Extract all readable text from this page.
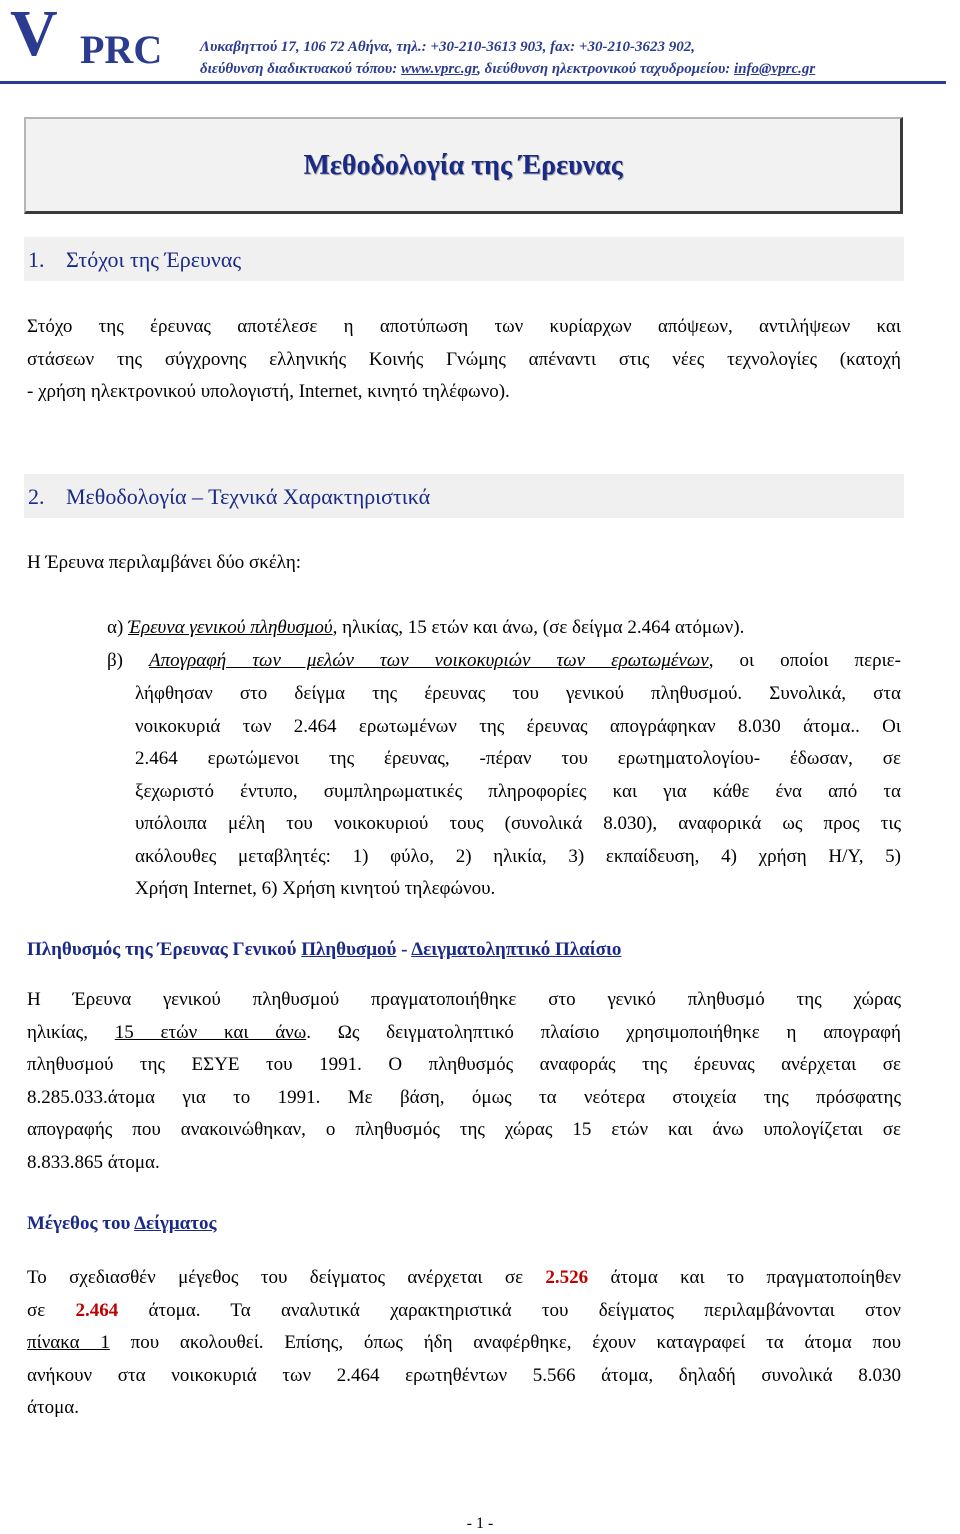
V PRC	Λυκαβηττού 17, 106 72 Αθήνα, τηλ.: +30-210-3613 903, fax: +30-210-3623 902,
διεύθυνση διαδικτυακού τόπου: www.vprc.gr, διεύθυνση ηλεκτρονικού ταχυδρομείου: info@vprc.gr
Μεθοδολογία της Έρευνας
1. Στόχοι της Έρευνας
Στόχο της έρευνας αποτέλεσε η αποτύπωση των κυρίαρχων απόψεων, αντιλήψεων και
στάσεων της σύγχρονης ελληνικής Κοινής Γνώμης απέναντι στις νέες τεχνολογίες (κατοχή
- χρήση ηλεκτρονικού υπολογιστή, Internet, κινητό τηλέφωνο).
2. Μεθοδολογία – Τεχνικά Χαρακτηριστικά
Η Έρευνα περιλαμβάνει δύο σκέλη:
α) Έρευνα γενικού πληθυσμού, ηλικίας, 15 ετών και άνω, (σε δείγμα 2.464 ατόμων).
β) Απογραφή των μελών των νοικοκυριών των ερωτωμένων, οι οποίοι περιε-
λήφθησαν στο δείγμα της έρευνας του γενικού πληθυσμού. Συνολικά, στα
νοικοκυριά των 2.464 ερωτωμένων της έρευνας απογράφηκαν 8.030 άτομα.. Οι
2.464 ερωτώμενοι της έρευνας, -πέραν του ερωτηματολογίου- έδωσαν, σε
ξεχωριστό έντυπο, συμπληρωματικές πληροφορίες και για κάθε ένα από τα
υπόλοιπα μέλη του νοικοκυριού τους (συνολικά 8.030), αναφορικά ως προς τις
ακόλουθες μεταβλητές: 1) φύλο, 2) ηλικία, 3) εκπαίδευση, 4) χρήση Η/Υ, 5)
Χρήση Internet, 6) Χρήση κινητού τηλεφώνου.
Πληθυσμός της Έρευνας Γενικού Πληθυσμού - Δειγματοληπτικό Πλαίσιο
Η Έρευνα γενικού πληθυσμού πραγματοποιήθηκε στο γενικό πληθυσμό της χώρας
ηλικίας, 15 ετών και άνω. Ως δειγματοληπτικό πλαίσιο χρησιμοποιήθηκε η απογραφή
πληθυσμού της ΕΣΥΕ του 1991. Ο πληθυσμός αναφοράς της έρευνας ανέρχεται σε
8.285.033.άτομα για το 1991. Με βάση, όμως τα νεότερα στοιχεία της πρόσφατης
απογραφής που ανακοινώθηκαν, ο πληθυσμός της χώρας 15 ετών και άνω υπολογίζεται σε
8.833.865 άτομα.
Μέγεθος του Δείγματος
Το σχεδιασθέν μέγεθος του δείγματος ανέρχεται σε 2.526 άτομα και το πραγματοποίηθεν
σε 2.464 άτομα. Τα αναλυτικά χαρακτηριστικά του δείγματος περιλαμβάνονται στον
πίνακα 1 που ακολουθεί. Επίσης, όπως ήδη αναφέρθηκε, έχουν καταγραφεί τα άτομα που
ανήκουν στα νοικοκυριά των 2.464 ερωτηθέντων 5.566 άτομα, δηλαδή συνολικά 8.030
άτομα.
- 1 -
